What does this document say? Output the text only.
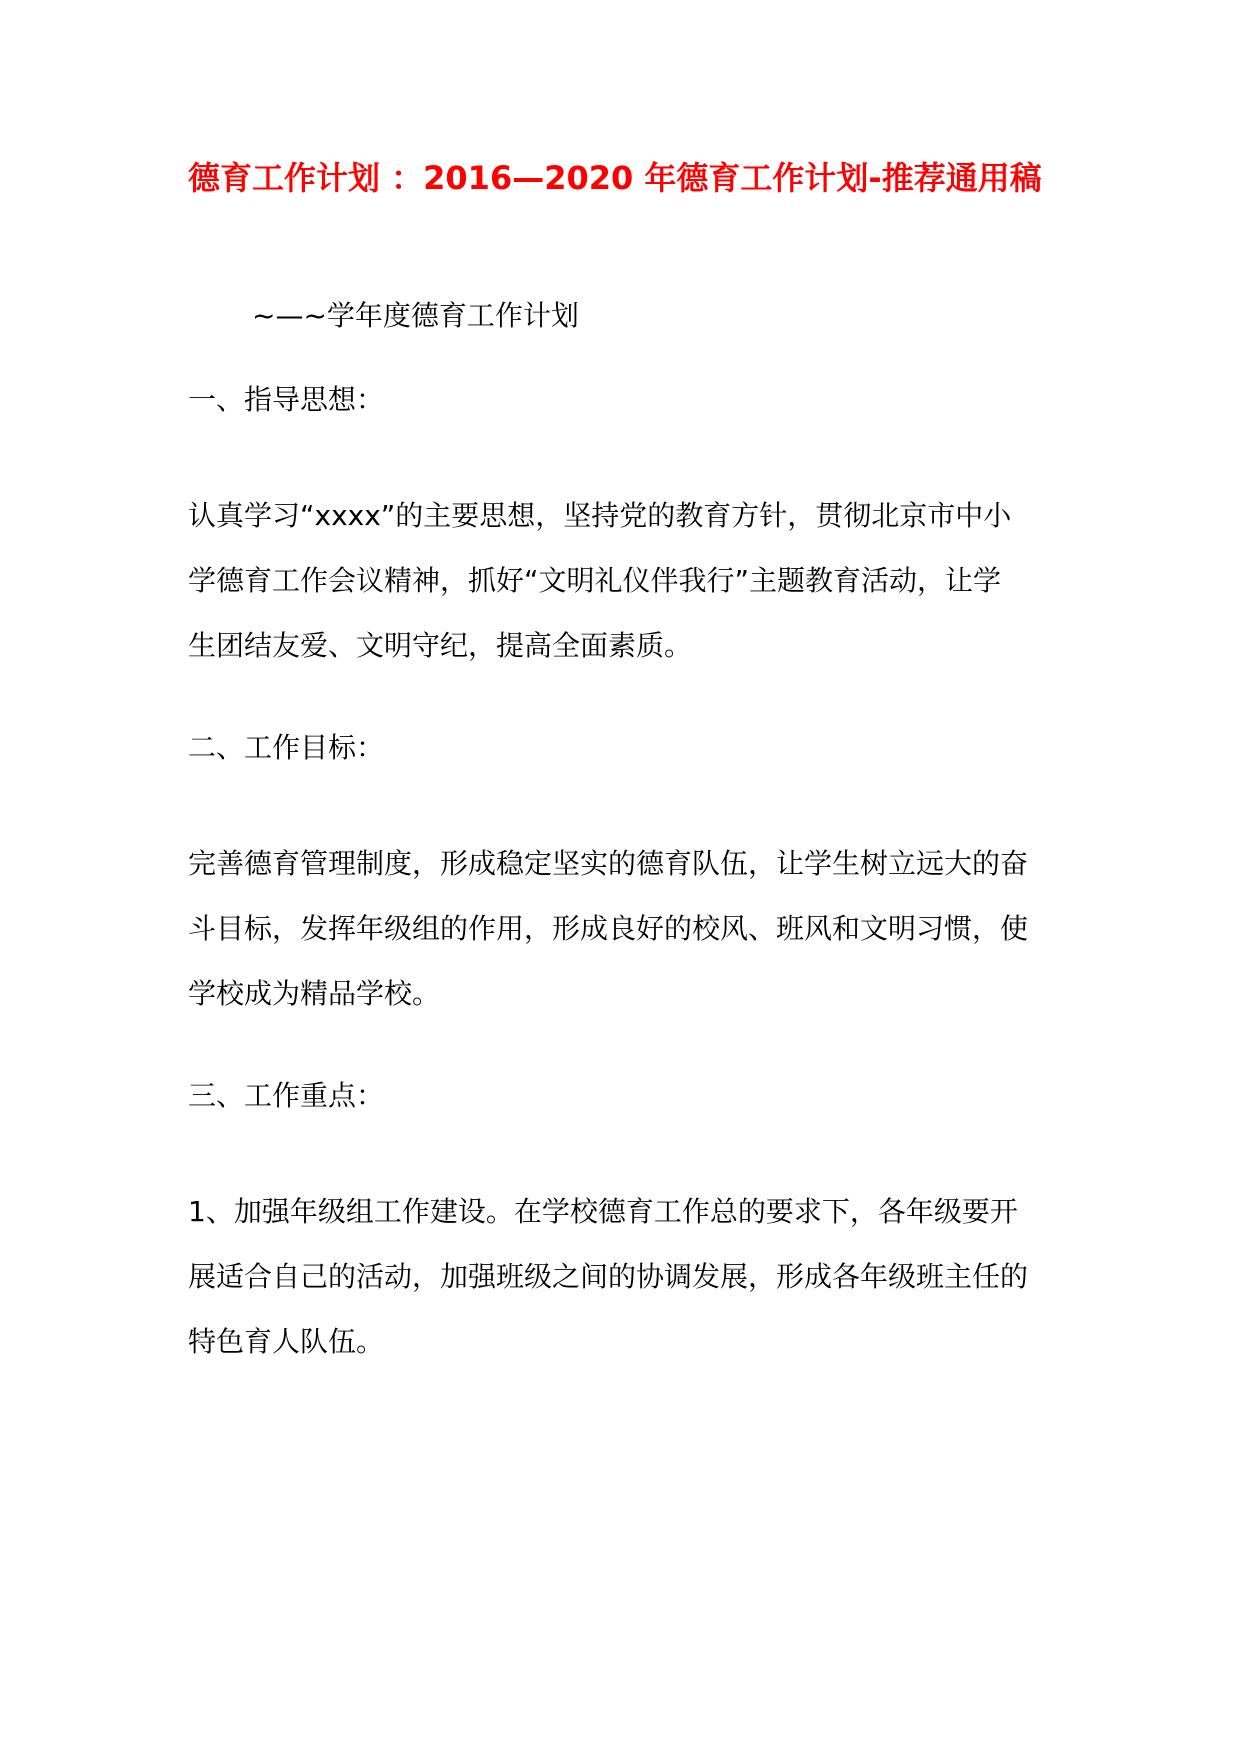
德育工作计划 ：2016—2020 年德育工作计划-推荐通用稿

~—~学年度德育工作计划

一、指导思想：

认真学习“xxxx”的主要思想，坚持党的教育方针，贯彻北京市中小
学德育工作会议精神，抓好“文明礼仪伴我行”主题教育活动，让学
生团结友爱、文明守纪，提高全面素质。

二、工作目标：

完善德育管理制度，形成稳定坚实的德育队伍，让学生树立远大的奋
斗目标，发挥年级组的作用，形成良好的校风、班风和文明习惯，使
学校成为精品学校。

三、工作重点：

1、加强年级组工作建设。在学校德育工作总的要求下，各年级要开
展适合自己的活动，加强班级之间的协调发展，形成各年级班主任的
特色育人队伍。
